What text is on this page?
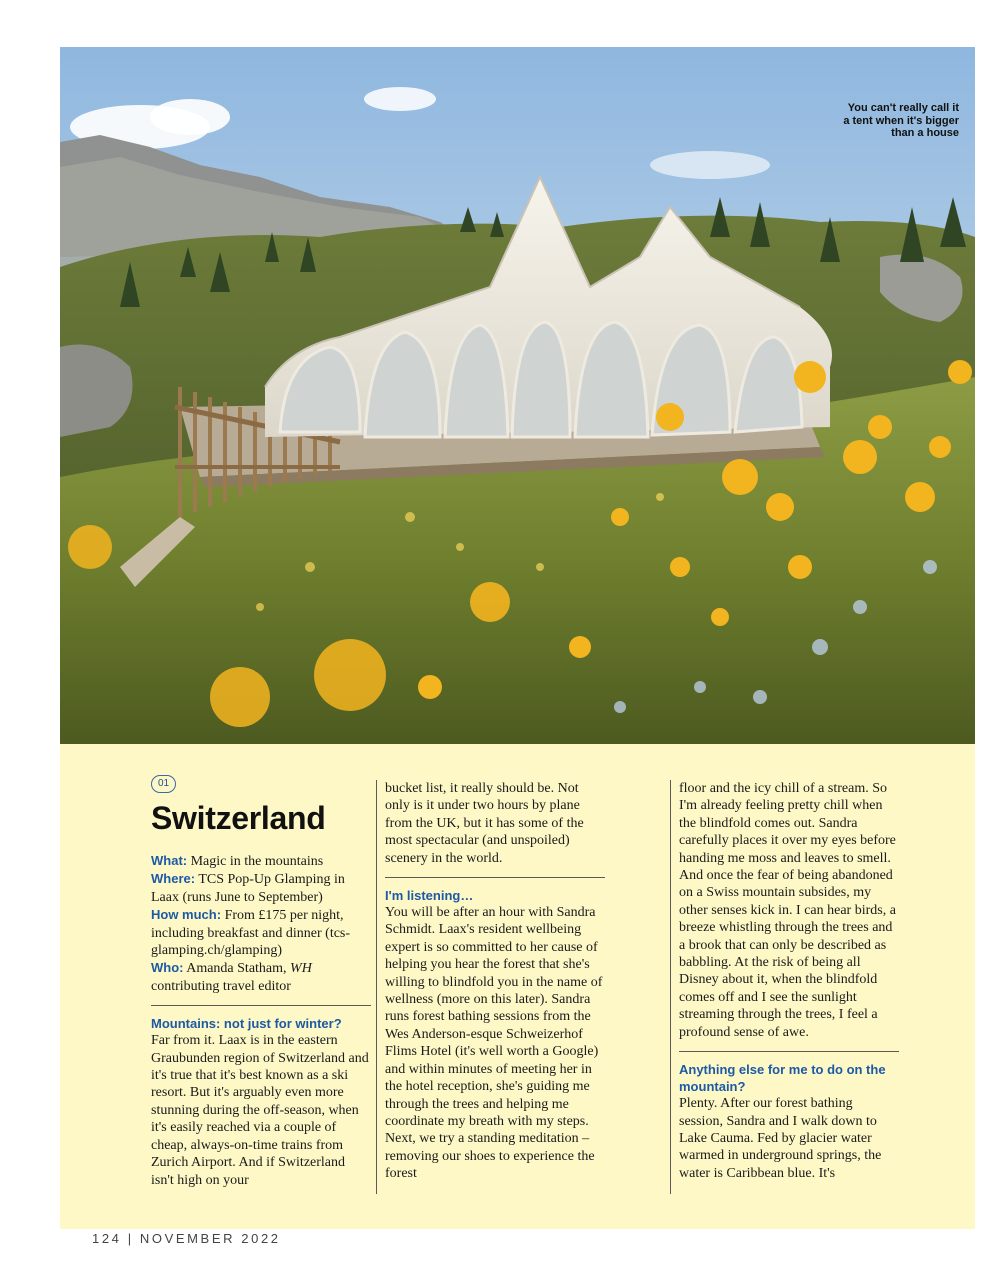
You can't really call it a tent when it's bigger than a house
01
Switzerland

What: Magic in the mountains

Where: TCS Pop-Up Glamping in Laax (runs June to September)

How much: From £175 per night, including breakfast and dinner (tcs-glamping.ch/glamping)

Who: Amanda Statham, WH contributing travel editor

Mountains: not just for winter?

Far from it. Laax is in the eastern Graubunden region of Switzerland and it's true that it's best known as a ski resort. But it's arguably even more stunning during the off-season, when it's easily reached via a couple of cheap, always-on-time trains from Zurich Airport. And if Switzerland isn't high on your

bucket list, it really should be. Not only is it under two hours by plane from the UK, but it has some of the most spectacular (and unspoiled) scenery in the world.

I'm listening…

You will be after an hour with Sandra Schmidt. Laax's resident wellbeing expert is so committed to her cause of helping you hear the forest that she's willing to blindfold you in the name of wellness (more on this later). Sandra runs forest bathing sessions from the Wes Anderson-esque Schweizerhof Flims Hotel (it's well worth a Google) and within minutes of meeting her in the hotel reception, she's guiding me through the trees and helping me coordinate my breath with my steps. Next, we try a standing meditation – removing our shoes to experience the forest

floor and the icy chill of a stream. So I'm already feeling pretty chill when the blindfold comes out. Sandra carefully places it over my eyes before handing me moss and leaves to smell. And once the fear of being abandoned on a Swiss mountain subsides, my other senses kick in. I can hear birds, a breeze whistling through the trees and a brook that can only be described as babbling. At the risk of being all Disney about it, when the blindfold comes off and I see the sunlight streaming through the trees, I feel a profound sense of awe.

Anything else for me to do on the mountain?

Plenty. After our forest bathing session, Sandra and I walk down to Lake Cauma. Fed by glacier water warmed in underground springs, the water is Caribbean blue. It's

124 | NOVEMBER 2022
